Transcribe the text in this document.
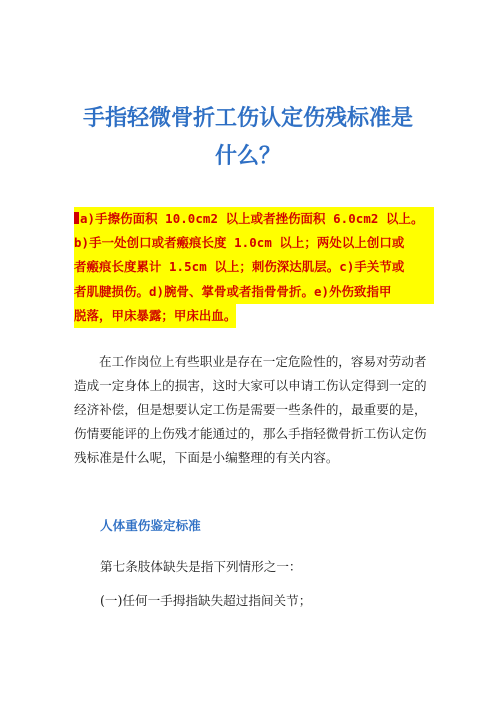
手指轻微骨折工伤认定伤残标准是
什么？
a)手擦伤面积 10.0cm2 以上或者挫伤面积 6.0cm2 以上。
b)手一处创口或者瘢痕长度 1.0cm 以上；两处以上创口或
者瘢痕长度累计 1.5cm 以上；刺伤深达肌层。c)手关节或
者肌腱损伤。d)腕骨、掌骨或者指骨骨折。e)外伤致指甲
脱落，甲床暴露；甲床出血。
在工作岗位上有些职业是存在一定危险性的，容易对劳动者
造成一定身体上的损害，这时大家可以申请工伤认定得到一定的
经济补偿，但是想要认定工伤是需要一些条件的，最重要的是，
伤情要能评的上伤残才能通过的，那么手指轻微骨折工伤认定伤
残标准是什么呢，下面是小编整理的有关内容。
人体重伤鉴定标准

第七条肢体缺失是指下列情形之一：

(一)任何一手拇指缺失超过指间关节；
